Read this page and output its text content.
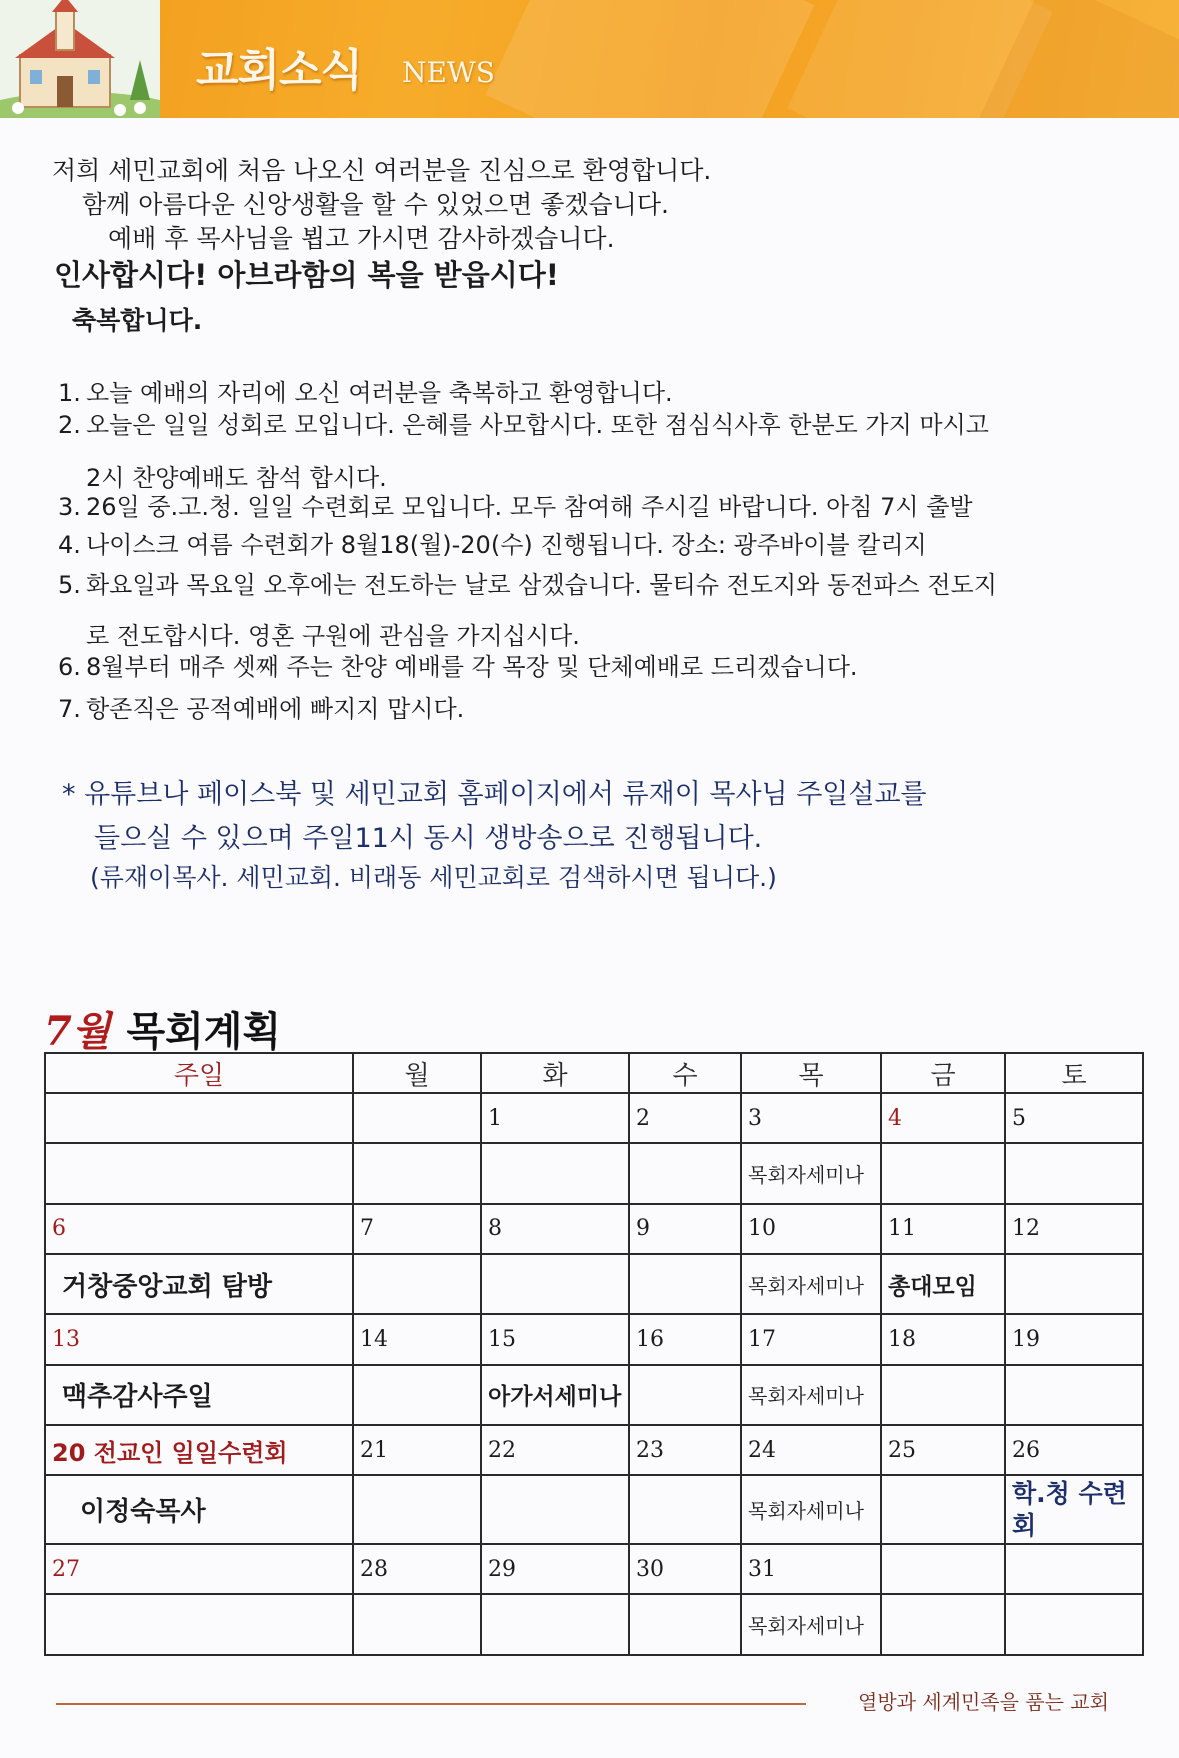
교회소식 NEWS
저희 세민교회에 처음 나오신 여러분을 진심으로 환영합니다.
함께 아름다운 신앙생활을 할 수 있었으면 좋겠습니다.
예배 후 목사님을 뵙고 가시면 감사하겠습니다.
인사합시다! 아브라함의 복을 받읍시다!
축복합니다.
1. 오늘 예배의 자리에 오신 여러분을 축복하고 환영합니다.
2. 오늘은 일일 성회로 모입니다. 은혜를 사모합시다. 또한 점심식사후 한분도 가지 마시고
2시 찬양예배도 참석 합시다.
3. 26일 중.고.청. 일일 수련회로 모입니다. 모두 참여해 주시길 바랍니다. 아침 7시 출발
4. 나이스크 여름 수련회가 8월18(월)-20(수) 진행됩니다. 장소: 광주바이블 칼리지
5. 화요일과 목요일 오후에는 전도하는 날로 삼겠습니다. 물티슈 전도지와 동전파스 전도지
로 전도합시다. 영혼 구원에 관심을 가지십시다.
6. 8월부터 매주 셋째 주는 찬양 예배를 각 목장 및 단체예배로 드리겠습니다.
7. 항존직은 공적예배에 빠지지 맙시다.
* 유튜브나 페이스북 및 세민교회 홈페이지에서 류재이 목사님 주일설교를
들으실 수 있으며 주일11시 동시 생방송으로 진행됩니다.
(류재이목사. 세민교회. 비래동 세민교회로 검색하시면 됩니다.)
7월 목회계획
주일	월	화	수	목	금	토
		1	2	3	4	5
				목회자세미나		
6	7	8	9	10	11	12
거창중앙교회 탐방				목회자세미나	총대모임	
13	14	15	16	17	18	19
맥추감사주일		아가서세미나		목회자세미나		
20 전교인 일일수련회	21	22	23	24	25	26
이정숙목사				목회자세미나		학.청 수련회
27	28	29	30	31		
				목회자세미나		
열방과 세계민족을 품는 교회
